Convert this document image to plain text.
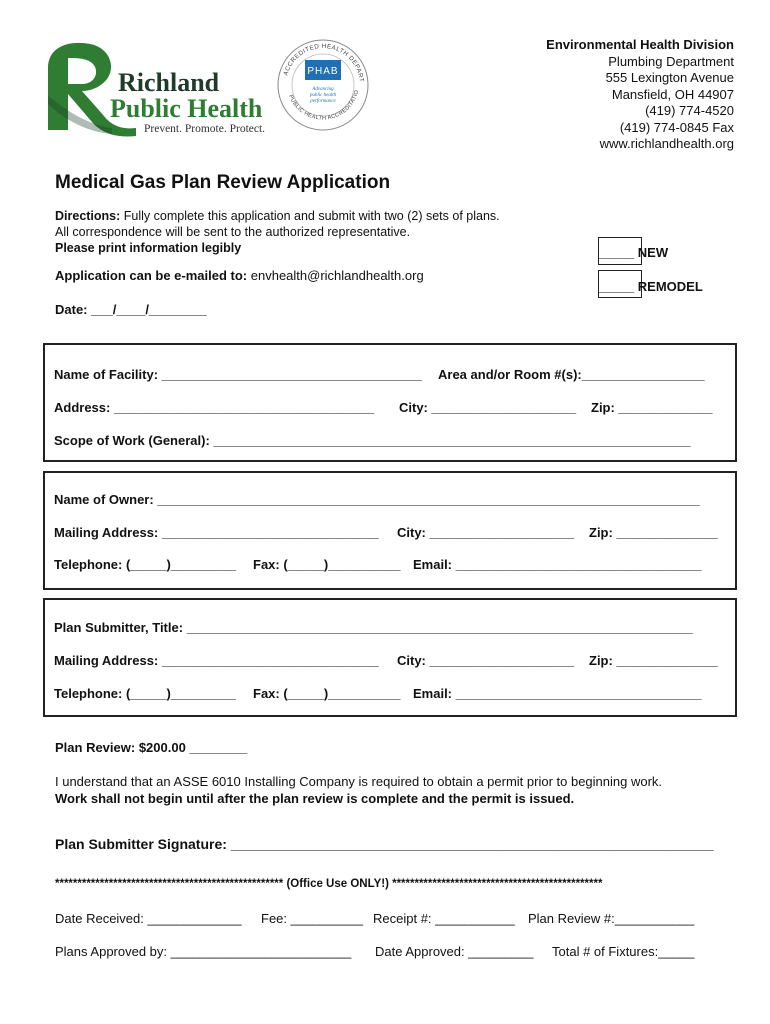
Richland
Public Health
Prevent. Promote. Protect.
PHAB
Advancing
public health
performance
ACCREDITED HEALTH DEPART
PUBLIC HEALTH ACCREDITATIO
Environmental Health Division
Plumbing Department
555 Lexington Avenue
Mansfield, OH 44907
(419) 774-4520
(419) 774-0845 Fax
www.richlandhealth.org
Medical Gas Plan Review Application
Directions: Fully complete this application and submit with two (2) sets of plans.
All correspondence will be sent to the authorized representative.
Please print information legibly	_____ NEW
_____ REMODEL
Application can be e-mailed to: envhealth@richlandhealth.org
Date: ___/____/________
Name of Facility: ____________________________________ Area and/or Room #(s):_________________
Address: ____________________________________ City: ____________________ Zip: _____________
Scope of Work (General): __________________________________________________________________
Name of Owner: ___________________________________________________________________________
Mailing Address: ______________________________ City: ____________________ Zip: ______________
Telephone: (_____)_________ Fax: (_____)__________ Email: __________________________________
Plan Submitter, Title: ______________________________________________________________________
Mailing Address: ______________________________ City: ____________________ Zip: ______________
Telephone: (_____)_________ Fax: (_____)__________ Email: __________________________________
Plan Review: $200.00 ________
I understand that an ASSE 6010 Installing Company is required to obtain a permit prior to beginning work.
Work shall not begin until after the plan review is complete and the permit is issued.
Plan Submitter Signature: ______________________________________________________________
*************************************************** (Office Use ONLY!) ***********************************************
Date Received: _____________ Fee: __________ Receipt #: ___________ Plan Review #:___________
Plans Approved by: _________________________ Date Approved: _________ Total # of Fixtures:_____
